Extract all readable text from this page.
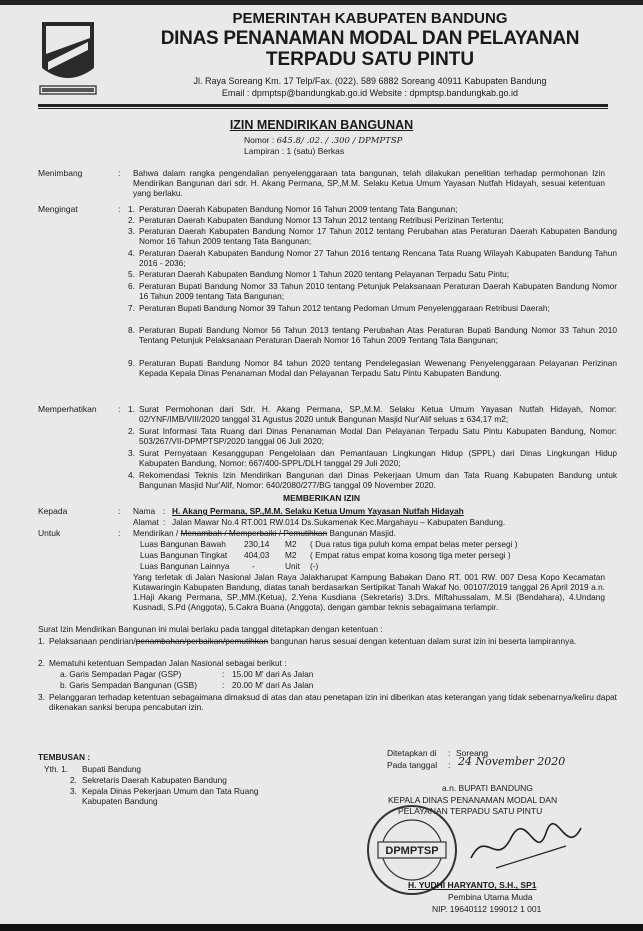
PEMERINTAH KABUPATEN BANDUNG
DINAS PENANAMAN MODAL DAN PELAYANAN
TERPADU SATU PINTU
Jl. Raya Soreang Km. 17 Telp/Fax. (022). 589 6882 Soreang 40911 Kabupaten Bandung
Email : dpmptsp@bandungkab.go.id Website : dpmptsp.bandungkab.go.id
IZIN MENDIRIKAN BANGUNAN
Nomor : 645.8/ .02. / .300 / DPMPTSP
Lampiran : 1 (satu) Berkas
Menimbang	: Bahwa dalam rangka pengendalian penyelenggaraan tata bangunan, telah dilakukan penelitian terhadap permohonan Izin Mendirikan Bangunan dari sdr. H. Akang Permana, SP.,M.M. Selaku Ketua Umum Yayasan Nutfah Hidayah, sesuai ketentuan yang berlaku.
Mengingat	: 1. Peraturan Daerah Kabupaten Bandung Nomor 16 Tahun 2009 tentang Tata Bangunan;
2. Peraturan Daerah Kabupaten Bandung Nomor 13 Tahun 2012 tentang Retribusi Perizinan Tertentu;
3. Peraturan Daerah Kabupaten Bandung Nomor 17 Tahun 2012 tentang Perubahan atas Peraturan Daerah Kabupaten Bandung Nomor 16 Tahun 2009 tentang Tata Bangunan;
4. Peraturan Daerah Kabupaten Bandung Nomor 27 Tahun 2016 tentang Rencana Tata Ruang Wilayah Kabupaten Bandung Tahun 2016 - 2036;
5. Peraturan Daerah Kabupaten Bandung Nomor 1 Tahun 2020 tentang Pelayanan Terpadu Satu Pintu;
6. Peraturan Bupati Bandung Nomor 33 Tahun 2010 tentang Petunjuk Pelaksanaan Peraturan Daerah Kabupaten Bandung Nomor 16 Tahun 2009 tentang Tata Bangunan;
7. Peraturan Bupati Bandung Nomor 39 Tahun 2012 tentang Pedoman Umum Penyelenggaraan Retribusi Daerah;
8. Peraturan Bupati Bandung Nomor 56 Tahun 2013 tentang Perubahan Atas Peraturan Bupati Bandung Nomor 33 Tahun 2010 Tentang Petunjuk Pelaksanaan Peraturan Daerah Nomor 16 Tahun 2009 Tentang Tata Bangunan;
9. Peraturan Bupati Bandung Nomor 84 tahun 2020 tentang Pendelegasian Wewenang Penyelenggaraan Pelayanan Perizinan Kepada Kepala Dinas Penanaman Modal dan Pelayanan Terpadu Satu Pintu Kabupaten Bandung.
Memperhatikan	: 1. Surat Permohonan dari Sdr. H. Akang Permana, SP.,M.M. Selaku Ketua Umum Yayasan Nutfah Hidayah, Nomor: 02/YNF/IMB/VIII/2020 tanggal 31 Agustus 2020 untuk Bangunan Masjid Nur'Alif seluas ± 634,17 m2;
2. Surat Informasi Tata Ruang dari Dinas Penanaman Modal Dan Pelayanan Terpadu Satu Pintu Kabupaten Bandung, Nomor: 503/267/VII-DPMPTSP/2020 tanggal 06 Juli 2020;
3. Surat Pernyataan Kesanggupan Pengelolaan dan Pemantauan Lingkungan Hidup (SPPL) dari Dinas Lingkungan Hidup Kabupaten Bandung, Nomor: 667/400-SPPL/DLH tanggal 29 Juli 2020;
4. Rekomendasi Teknis Izin Mendirikan Bangunan dari Dinas Pekerjaan Umum dan Tata Ruang Kabupaten Bandung untuk Bangunan Masjid Nur'Alif, Nomor: 640/2080/277/BG tanggal 09 November 2020.
MEMBERIKAN IZIN
Kepada	: Nama : H. Akang Permana, SP.,M.M. Selaku Ketua Umum Yayasan Nutfah Hidayah
Alamat : Jalan Mawar No.4 RT.001 RW.014 Ds.Sukamenak Kec.Margahayu – Kabupaten Bandung.
Untuk	: Mendirikan / Menambah / Memperbaiki / Pemutihkan Bangunan Masjid.
Luas Bangunan Bawah 230,14 M2 ( Dua ratus tiga puluh koma empat belas meter persegi )
Luas Bangunan Tingkat 404,03 M2 ( Empat ratus empat koma kosong tiga meter persegi )
Luas Bangunan Lainnya	-	Unit (-)
Yang terletak di Jalan Nasional Jalan Raya Jalakharupat Kampung Babakan Dano RT. 001 RW. 007 Desa Kopo Kecamatan Kutawaringin Kabupaten Bandung, diatas tanah berdasarkan Sertipikat Tanah Wakaf No. 00107/2019 tanggal 26 April 2019 a.n. 1.Haji Akang Permana, SP.,MM.(Ketua), 2.Yena Kusdiana (Sekretaris) 3.Drs. Miftahussalam, M.Si (Bendahara), 4.Undang Kusnadi, S.Pd (Anggota), 5.Cakra Buana (Anggota), dengan gambar teknis sebagaimana terlampir.
Surat Izin Mendirikan Bangunan ini mulai berlaku pada tanggal ditetapkan dengan ketentuan :
1. Pelaksanaan pendirian/penambahan/perbaikan/pemutihkan bangunan harus sesuai dengan ketentuan dalam surat izin ini beserta lampirannya.
2. Mematuhi ketentuan Sempadan Jalan Nasional sebagai berikut :
a. Garis Sempadan Pagar (GSP)	: 15.00 M' dari As Jalan
b. Garis Sempadan Bangunan (GSB)	: 20.00 M' dari As Jalan
3. Pelanggaran terhadap ketentuan sebagaimana dimaksud di atas dan atau penetapan izin ini diberikan atas keterangan yang tidak sebenarnya/keliru dapat dikenakan sanksi berupa pencabutan izin.
TEMBUSAN :
Yth. 1. Bupati Bandung
2. Sekretaris Daerah Kabupaten Bandung
3. Kepala Dinas Pekerjaan Umum dan Tata Ruang Kabupaten Bandung
Ditetapkan di : Soreang
Pada tanggal : 24 November 2020
a.n. BUPATI BANDUNG
KEPALA DINAS PENANAMAN MODAL DAN
PELAYANAN TERPADU SATU PINTU
DPMPTSP
H. YUDHI HARYANTO, S.H., SP1
Pembina Utama Muda
NIP. 19640112 199012 1 001
